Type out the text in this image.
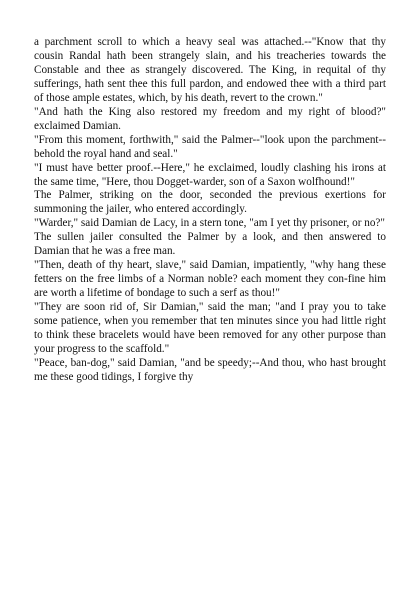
a parchment scroll to which a heavy seal was attached.--"Know that thy cousin Randal hath been strangely slain, and his treacheries towards the Constable and thee as strangely discovered. The King, in requital of thy sufferings, hath sent thee this full pardon, and endowed thee with a third part of those ample estates, which, by his death, revert to the crown."

"And hath the King also restored my freedom and my right of blood?" exclaimed Damian.

"From this moment, forthwith," said the Palmer--"look upon the parchment--behold the royal hand and seal."

"I must have better proof.--Here," he exclaimed, loudly clashing his irons at the same time, "Here, thou Dogget-warder, son of a Saxon wolfhound!"

The Palmer, striking on the door, seconded the previous exertions for summoning the jailer, who entered accordingly.

"Warder," said Damian de Lacy, in a stern tone, "am I yet thy prisoner, or no?"

The sullen jailer consulted the Palmer by a look, and then answered to Damian that he was a free man.

"Then, death of thy heart, slave," said Damian, impatiently, "why hang these fetters on the free limbs of a Norman noble? each moment they con-fine him are worth a lifetime of bondage to such a serf as thou!"

"They are soon rid of, Sir Damian," said the man; "and I pray you to take some patience, when you remember that ten minutes since you had little right to think these bracelets would have been removed for any other purpose than your progress to the scaffold."

"Peace, ban-dog," said Damian, "and be speedy;--And thou, who hast brought me these good tidings, I forgive thy
